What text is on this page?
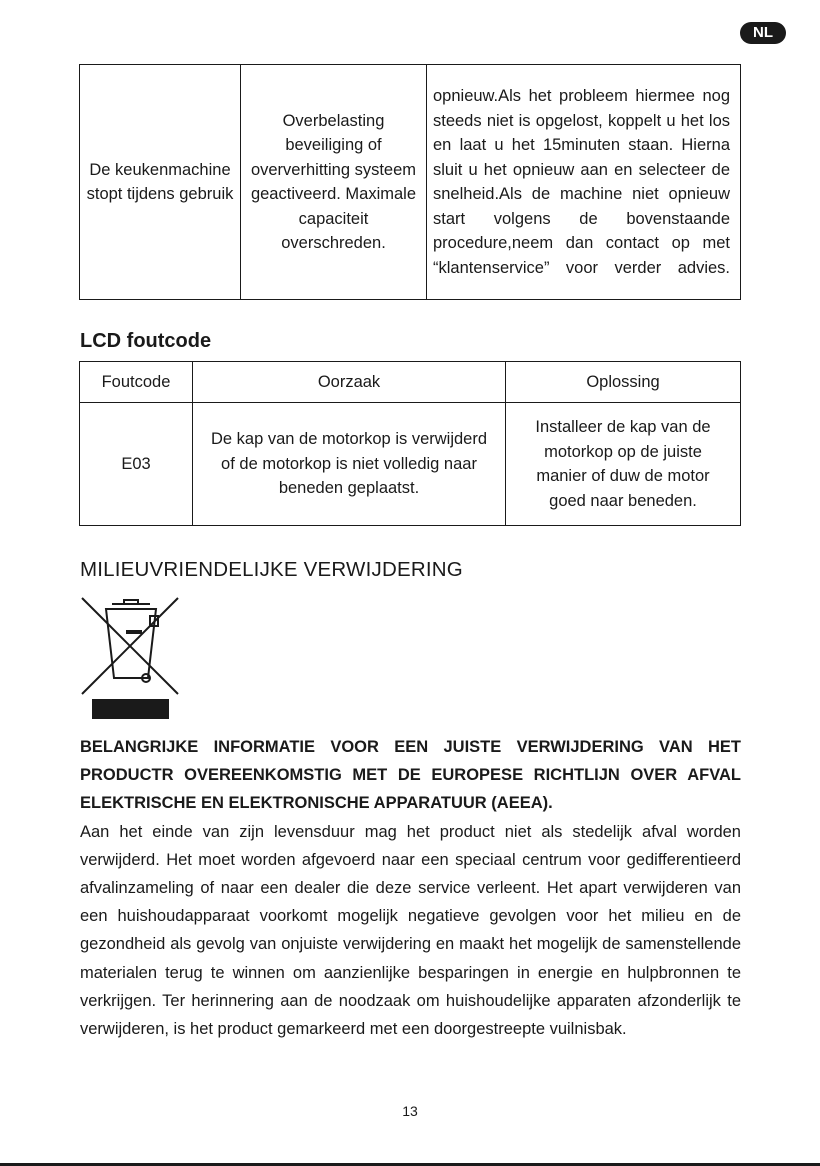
NL
De keukenmachine stopt tijdens gebruik	Overbelasting beveiliging of oververhitting systeem geactiveerd. Maximale capaciteit overschreden.	opnieuw.Als het probleem hiermee nog steeds niet is opgelost, koppelt u het los en laat u het 15minuten staan. Hierna sluit u het opnieuw aan en selecteer de snelheid.Als de machine niet opnieuw start volgens de bovenstaande procedure,neem dan contact op met “klantenservice” voor verder advies.
LCD foutcode
Foutcode	Oorzaak	Oplossing
E03	De kap van de motorkop is verwijderd of de motorkop is niet volledig naar beneden geplaatst.	Installeer de kap van de motorkop op de juiste manier of duw de motor goed naar beneden.
MILIEUVRIENDELIJKE VERWIJDERING
BELANGRIJKE INFORMATIE VOOR EEN JUISTE VERWIJDERING VAN HET PRODUCTR OVEREENKOMSTIG MET DE EUROPESE RICHTLIJN OVER AFVAL ELEKTRISCHE EN ELEKTRONISCHE APPARATUUR (AEEA).
Aan het einde van zijn levensduur mag het product niet als stedelijk afval worden verwijderd. Het moet worden afgevoerd naar een speciaal centrum voor gedifferentieerd afvalinzameling of naar een dealer die deze service verleent. Het apart verwijderen van een huishoudapparaat voorkomt mogelijk negatieve gevolgen voor het milieu en de gezondheid als gevolg van onjuiste verwijdering en maakt het mogelijk de samenstellende materialen terug te winnen om aanzienlijke besparingen in energie en hulpbronnen te verkrijgen. Ter herinnering aan de noodzaak om huishoudelijke apparaten afzonderlijk te verwijderen, is het product gemarkeerd met een doorgestreepte vuilnisbak.
13
